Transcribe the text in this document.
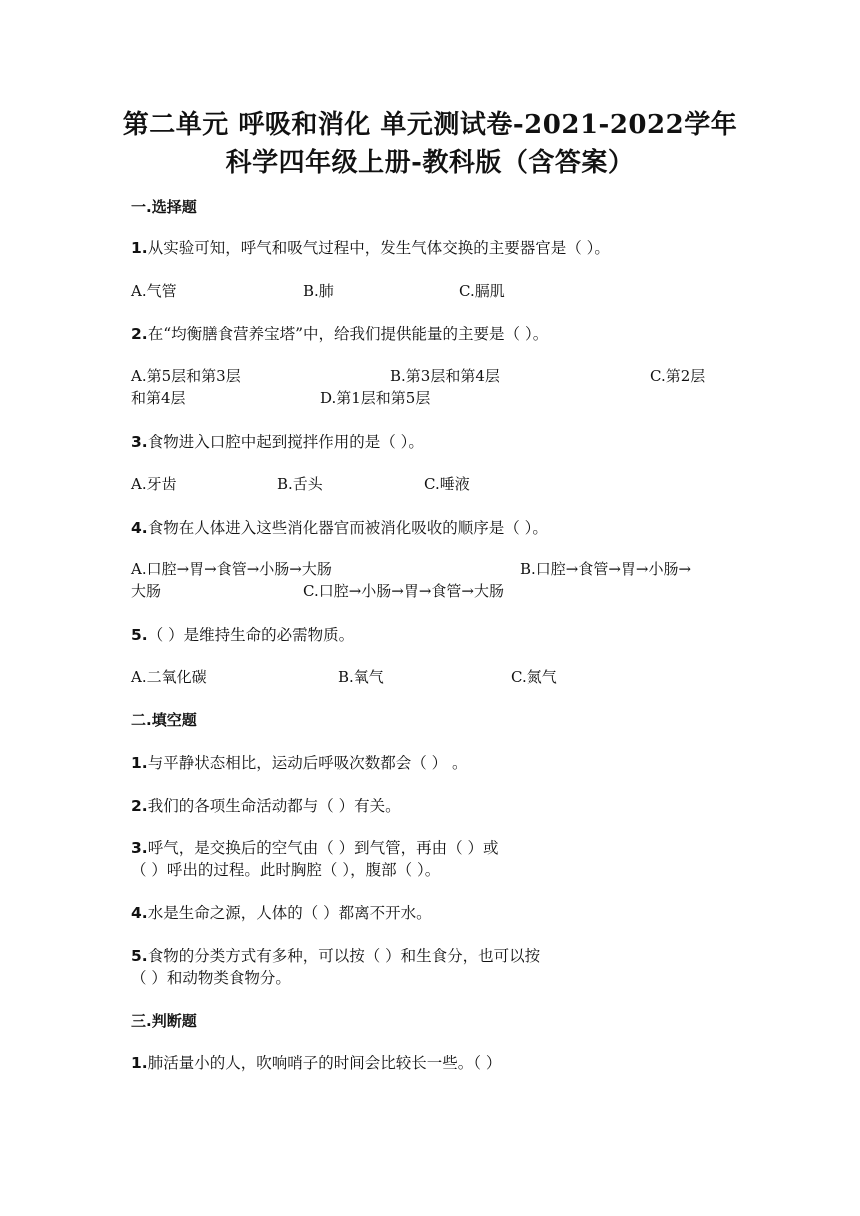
第二单元 呼吸和消化 单元测试卷-2021-2022学年
科学四年级上册-教科版（含答案）
一.选择题
1.从实验可知，呼气和吸气过程中，发生气体交换的主要器官是（ ）。
A.气管	B.肺	C.膈肌
2.在“均衡膳食营养宝塔”中，给我们提供能量的主要是（ ）。
A.第5层和第3层	B.第3层和第4层	C.第2层
和第4层	D.第1层和第5层
3.食物进入口腔中起到搅拌作用的是（ ）。
A.牙齿	B.舌头	C.唾液
4.食物在人体进入这些消化器官而被消化吸收的顺序是（ ）。
A.口腔→胃→食管→小肠→大肠	B.口腔→食管→胃→小肠→
大肠	C.口腔→小肠→胃→食管→大肠
5.（ ）是维持生命的必需物质。
A.二氧化碳	B.氧气	C.氮气
二.填空题
1.与平静状态相比，运动后呼吸次数都会（ ） 。
2.我们的各项生命活动都与（ ）有关。
3.呼气，是交换后的空气由（ ）到气管，再由（ ）或
（ ）呼出的过程。此时胸腔（ ），腹部（ ）。
4.水是生命之源，人体的（ ）都离不开水。
5.食物的分类方式有多种，可以按（ ）和生食分，也可以按
（ ）和动物类食物分。
三.判断题
1.肺活量小的人，吹响哨子的时间会比较长一些。（ ）
